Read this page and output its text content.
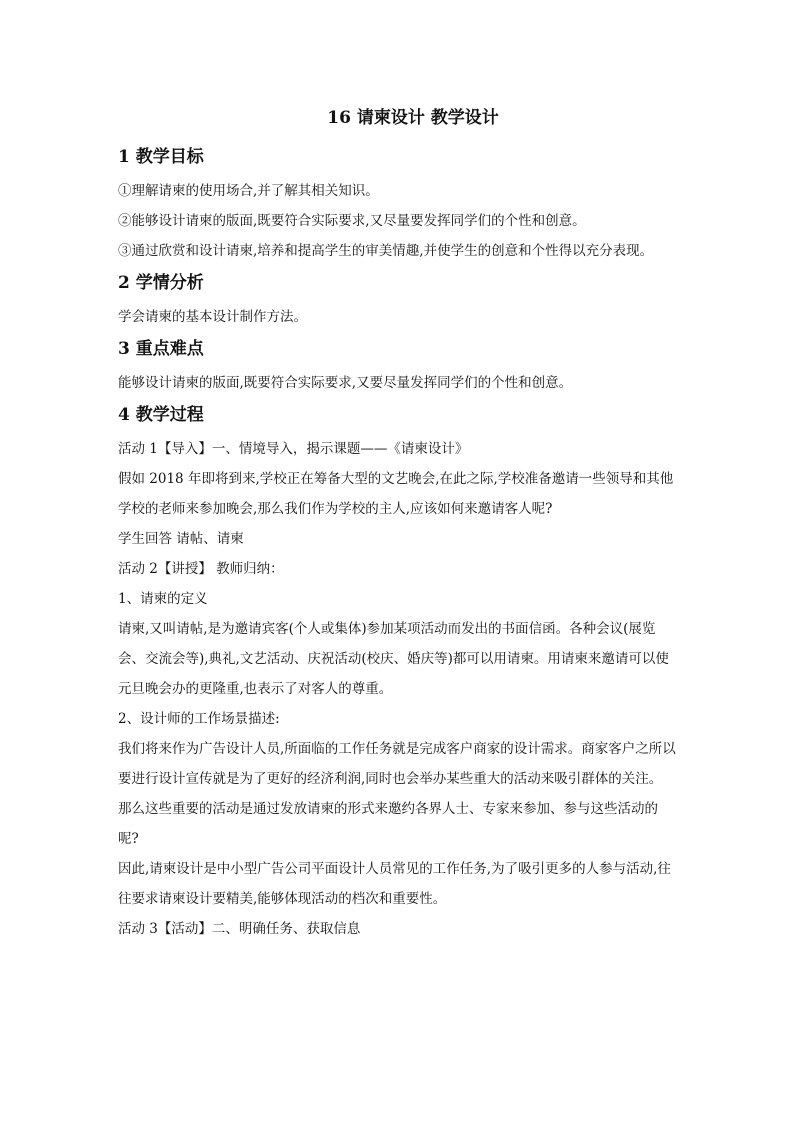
16 请柬设计 教学设计
1 教学目标

①理解请柬的使用场合,并了解其相关知识。

②能够设计请柬的版面,既要符合实际要求,又尽量要发挥同学们的个性和创意。

③通过欣赏和设计请柬,培养和提高学生的审美情趣,并使学生的创意和个性得以充分表现。

2 学情分析

学会请柬的基本设计制作方法。

3 重点难点

能够设计请柬的版面,既要符合实际要求,又要尽量发挥同学们的个性和创意。

4 教学过程

活动 1【导入】一、情境导入，揭示课题——《请柬设计》

假如 2018 年即将到来,学校正在筹备大型的文艺晚会,在此之际,学校准备邀请一些领导和其他学校的老师来参加晚会,那么我们作为学校的主人,应该如何来邀请客人呢?

学生回答 请帖、请柬

活动 2【讲授】 教师归纳：

1、请柬的定义

请柬,又叫请帖,是为邀请宾客(个人或集体)参加某项活动而发出的书面信函。各种会议(展览会、交流会等),典礼,文艺活动、庆祝活动(校庆、婚庆等)都可以用请柬。用请柬来邀请可以使元旦晚会办的更隆重,也表示了对客人的尊重。

2、设计师的工作场景描述:

我们将来作为广告设计人员,所面临的工作任务就是完成客户商家的设计需求。商家客户之所以要进行设计宣传就是为了更好的经济利润,同时也会举办某些重大的活动来吸引群体的关注。

那么这些重要的活动是通过发放请柬的形式来邀约各界人士、专家来参加、参与这些活动的呢?

因此,请柬设计是中小型广告公司平面设计人员常见的工作任务,为了吸引更多的人参与活动,往往要求请柬设计要精美,能够体现活动的档次和重要性。

活动 3【活动】二、明确任务、获取信息
